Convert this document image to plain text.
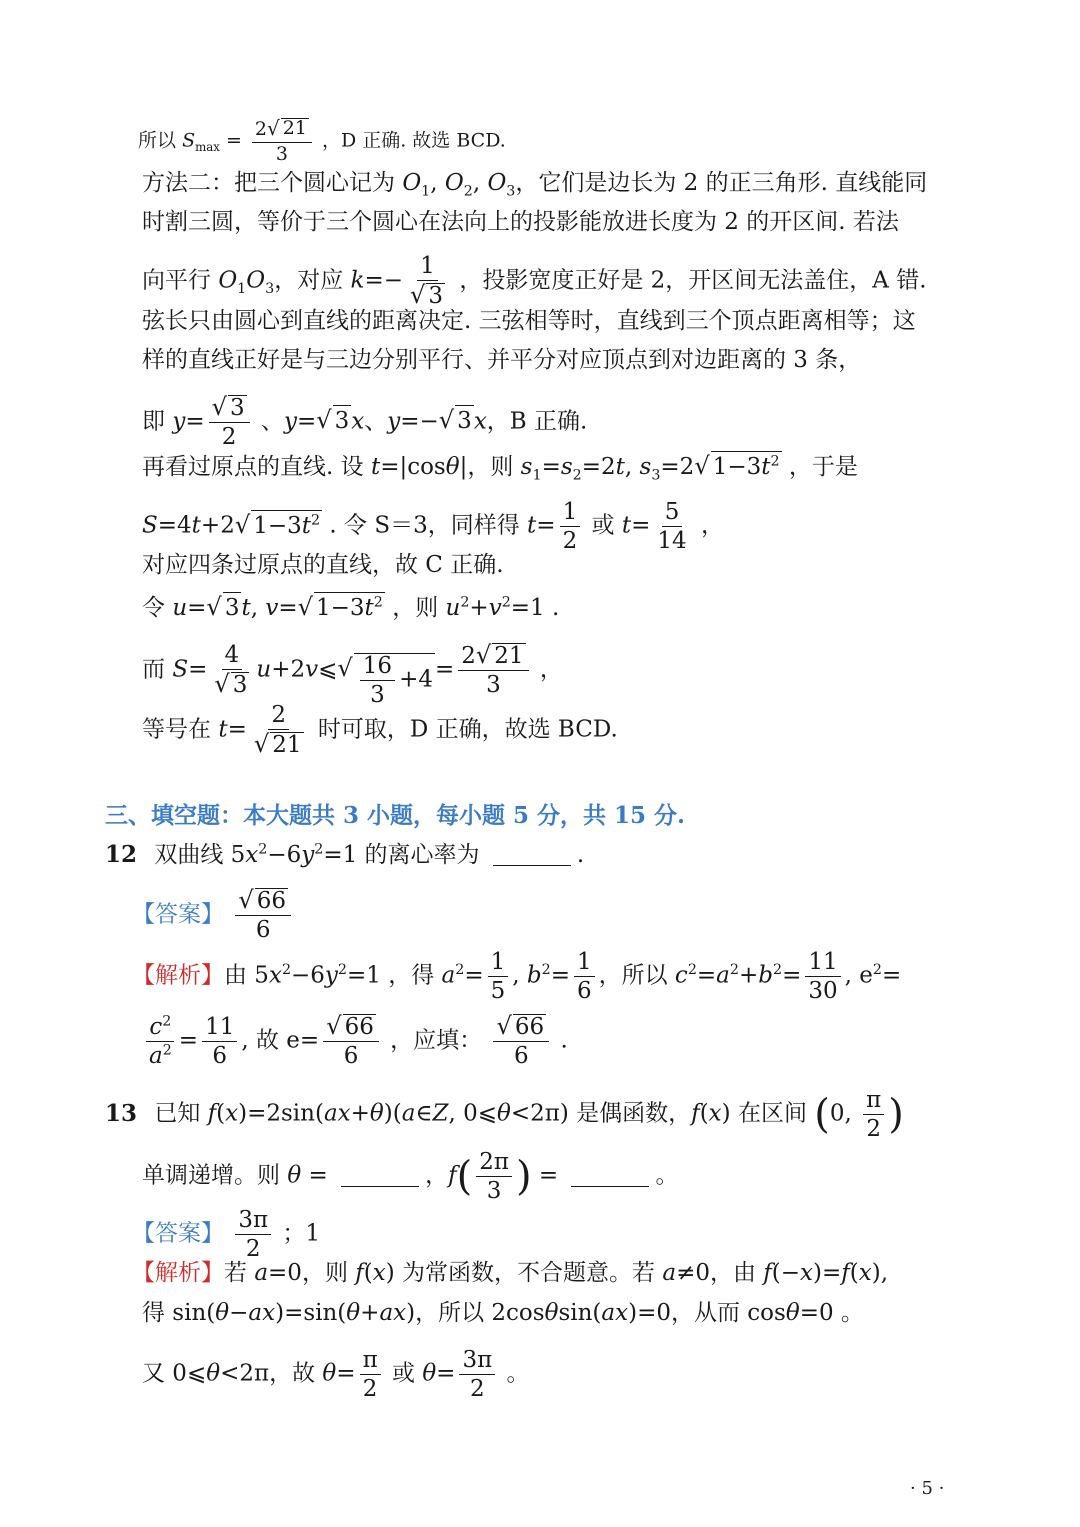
所以 $S_{max} = \frac{2 √ 21}{3}$ ，D 正确. 故选 BCD.
方法二：把三个圆心记为 $O_1$, $O_2$, $O_3$，它们是边长为 2 的正三角形. 直线能同
时割三圆，等价于三个圆心在法向上的投影能放进长度为 2 的开区间. 若法
向平行 $O_1O_3$，对应 $k=- \frac{1}{√ 3}$ ，投影宽度正好是 2，开区间无法盖住，A 错.
弦长只由圆心到直线的距离决定. 三弦相等时，直线到三个顶点距离相等；这
样的直线正好是与三边分别平行、并平分对应顶点到对边距离的 3 条，
即 $y= \frac{√ 3}{2}$ 、y= √ 3 x、y=− √ 3 x，B 正确.
再看过原点的直线. 设 t=|cosθ|，则 $s_1=s_2=2t$, $s_3=2$ √ $1-3t^2$ ，于是
S=4t+2 √ $1-3t^2$ . 令 S＝3，同样得 $t= \frac{1}{2}$ 或 $t= \frac{5}{14}$ ，
对应四条过原点的直线，故 C 正确.
令 u= √ 3 t, v= √ $1-3t^2$ ，则 $u^2+v^2=1$ .
而 $S= \frac{4}{√ 3}$ u+2v⩽ √ $\frac{16}{3} +4 = \frac{2 √ 21}{3}$ ，
等号在 $t= \frac{2}{√ 21}$ 时可取，D 正确，故选 BCD.
三、填空题：本大题共 3 小题，每小题 5 分，共 15 分.
12 双曲线 $5x^2-6y^2=1$ 的离心率为	.
【答案】 $\frac{√ 66}{6}$
【解析】由 $5x^2-6y^2=1$ ，得 $a^2= \frac{1}{5}$ , $b^2= \frac{1}{6}$ ，所以 $c^2=a^2+b^2= \frac{11}{30}$ , $e^2=$
$\frac{c^2}{a^2} = \frac{11}{6}$ , 故 $e= \frac{√ 66}{6}$ ，应填： $\frac{√ 66}{6}$ .
13 已知 f(x)=2sin(ax+θ)(a∈Z, 0⩽θ<2π) 是偶函数，f(x) 在区间 (0, $\frac{\pi}{2}$ )
单调递增。则 θ =	，$f( \frac{2\pi}{3}$ ) =	。
【答案】 $\frac{3\pi}{2}$ ；1
【解析】若 a=0，则 f(x) 为常函数，不合题意。若 a≠0，由 f(−x)=f(x),
得 sin(θ−ax)=sin(θ+ax)，所以 2cosθsin(ax)=0，从而 cosθ=0 。
又 0⩽θ<2π，故 $\theta= \frac{\pi}{2}$ 或 $\theta= \frac{3\pi}{2}$ 。
· 5 ·
